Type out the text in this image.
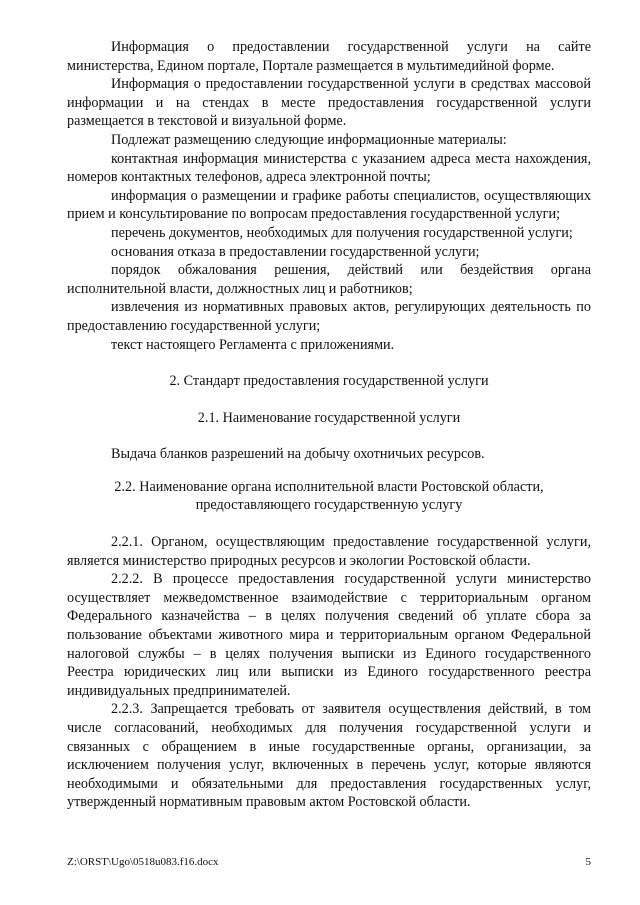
Информация о предоставлении государственной услуги на сайте министерства, Едином портале, Портале размещается в мультимедийной форме.

Информация о предоставлении государственной услуги в средствах массовой информации и на стендах в месте предоставления государственной услуги размещается в текстовой и визуальной форме.

Подлежат размещению следующие информационные материалы:

контактная информация министерства с указанием адреса места нахождения, номеров контактных телефонов, адреса электронной почты;

информация о размещении и графике работы специалистов, осуществляющих прием и консультирование по вопросам предоставления государственной услуги;

перечень документов, необходимых для получения государственной услуги;

основания отказа в предоставлении государственной услуги;

порядок обжалования решения, действий или бездействия органа исполнительной власти, должностных лиц и работников;

извлечения из нормативных правовых актов, регулирующих деятельность по предоставлению государственной услуги;

текст настоящего Регламента с приложениями.

2. Стандарт предоставления государственной услуги

2.1. Наименование государственной услуги

Выдача бланков разрешений на добычу охотничьих ресурсов.

2.2. Наименование органа исполнительной власти Ростовской области,

предоставляющего государственную услугу

2.2.1. Органом, осуществляющим предоставление государственной услуги, является министерство природных ресурсов и экологии Ростовской области.

2.2.2. В процессе предоставления государственной услуги министерство осуществляет межведомственное взаимодействие с территориальным органом Федерального казначейства – в целях получения сведений об уплате сбора за пользование объектами животного мира и территориальным органом Федеральной налоговой службы – в целях получения выписки из Единого государственного Реестра юридических лиц или выписки из Единого государственного реестра индивидуальных предпринимателей.

2.2.3. Запрещается требовать от заявителя осуществления действий, в том числе согласований, необходимых для получения государственной услуги и связанных с обращением в иные государственные органы, организации, за исключением получения услуг, включенных в перечень услуг, которые являются необходимыми и обязательными для предоставления государственных услуг, утвержденный нормативным правовым актом Ростовской области.

Z:\ORST\Ugo\0518u083.f16.docx	5
